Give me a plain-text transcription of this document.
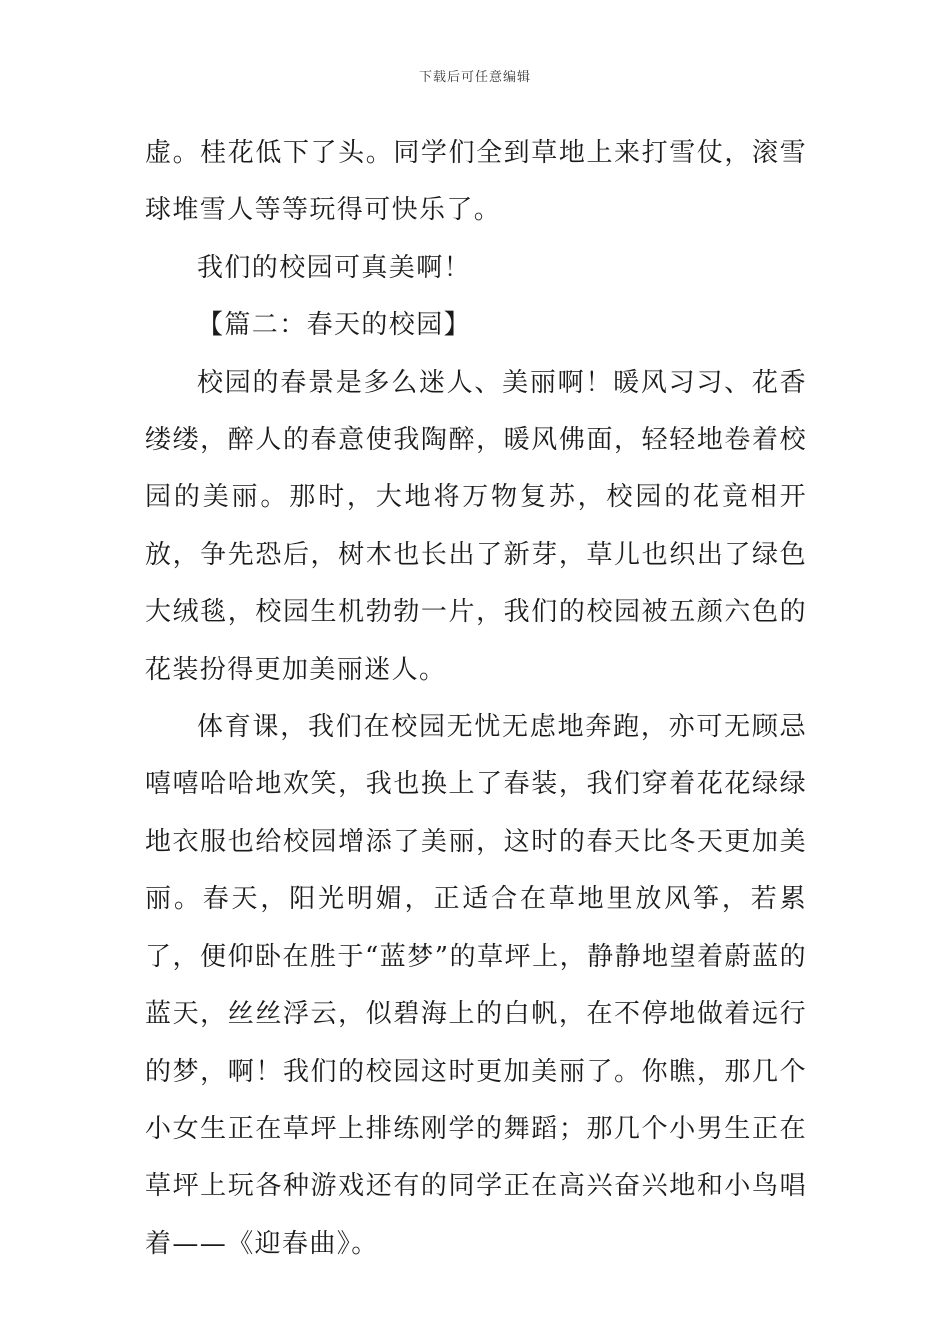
下载后可任意编辑

虚。桂花低下了头。同学们全到草地上来打雪仗，滚雪球堆雪人等等玩得可快乐了。

我们的校园可真美啊！

【篇二：春天的校园】

校园的春景是多么迷人、美丽啊！暖风习习、花香缕缕，醉人的春意使我陶醉，暖风佛面，轻轻地卷着校园的美丽。那时，大地将万物复苏，校园的花竟相开放，争先恐后，树木也长出了新芽，草儿也织出了绿色大绒毯，校园生机勃勃一片，我们的校园被五颜六色的花装扮得更加美丽迷人。

体育课，我们在校园无忧无虑地奔跑，亦可无顾忌嘻嘻哈哈地欢笑，我也换上了春装，我们穿着花花绿绿地衣服也给校园增添了美丽，这时的春天比冬天更加美丽。春天，阳光明媚，正适合在草地里放风筝，若累了，便仰卧在胜于“蓝梦”的草坪上，静静地望着蔚蓝的蓝天，丝丝浮云，似碧海上的白帆，在不停地做着远行的梦，啊！我们的校园这时更加美丽了。你瞧，那几个小女生正在草坪上排练刚学的舞蹈；那几个小男生正在草坪上玩各种游戏还有的同学正在高兴奋兴地和小鸟唱着——《迎春曲》。
